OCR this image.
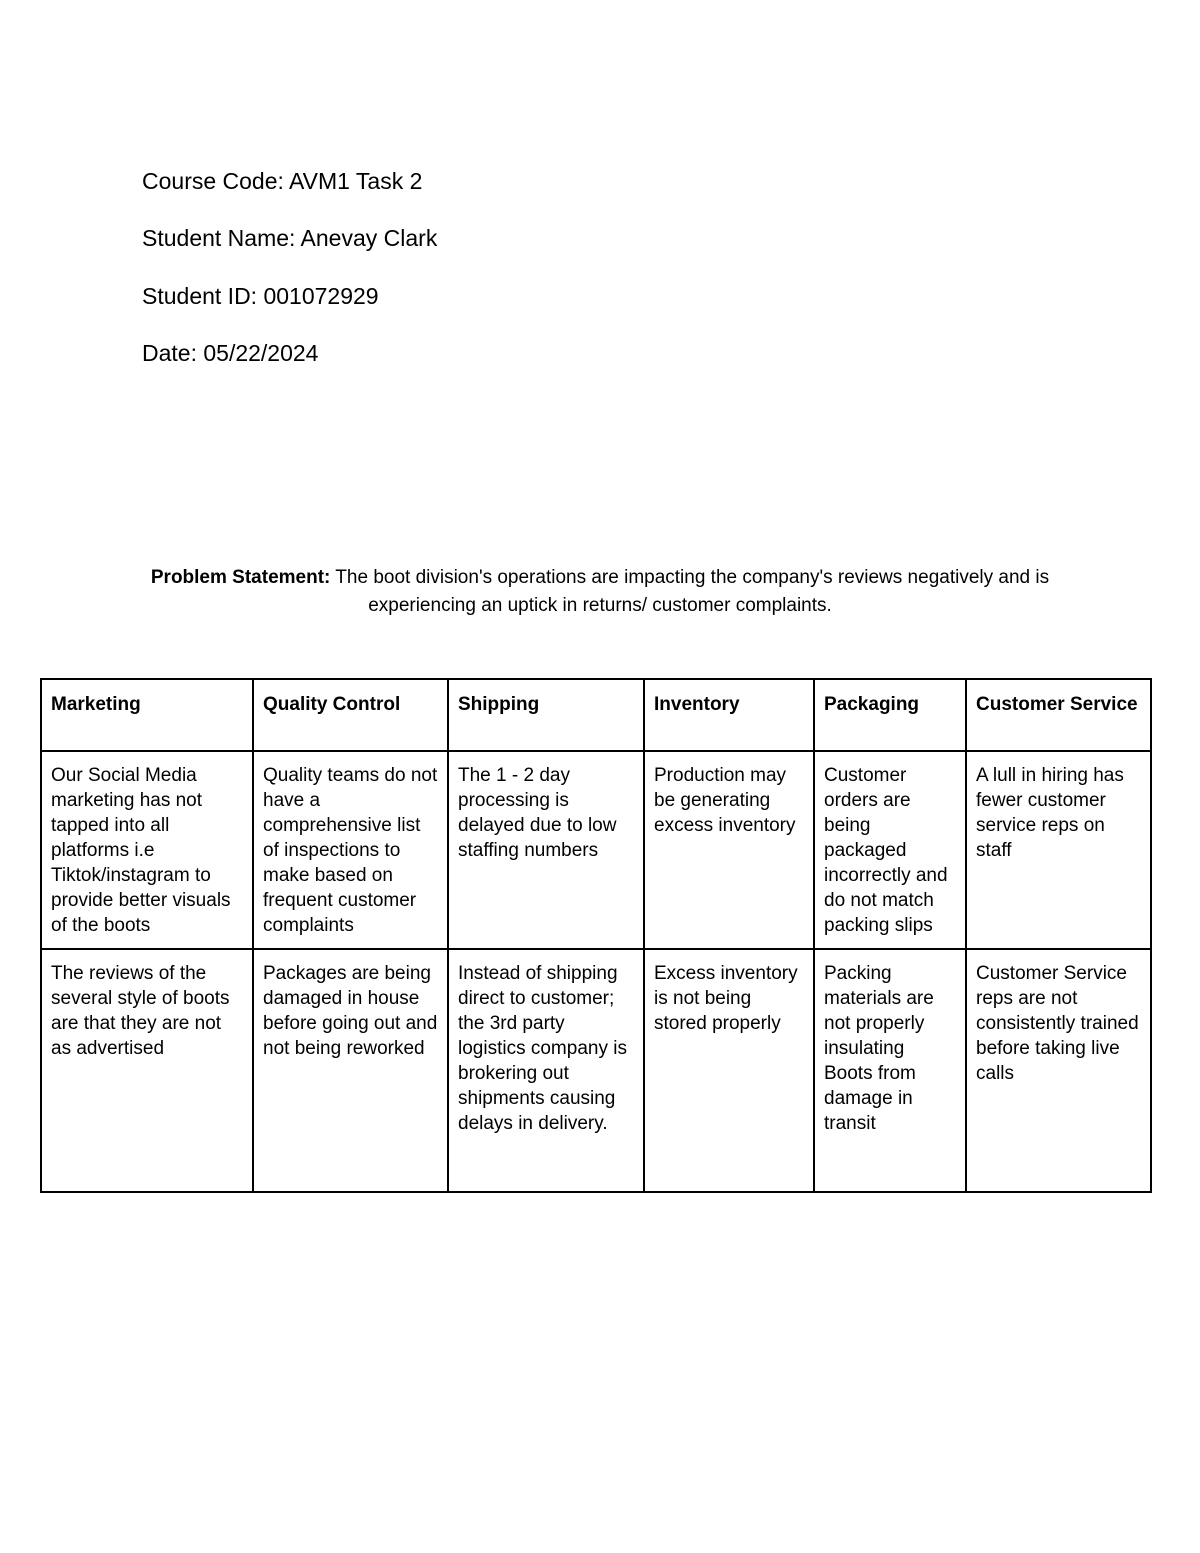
Course Code: AVM1 Task 2
Student Name: Anevay Clark
Student ID: 001072929
Date: 05/22/2024
Problem Statement: The boot division's operations are impacting the company's reviews negatively and is experiencing an uptick in returns/ customer complaints.
Marketing	Quality Control	Shipping	Inventory	Packaging	Customer Service
Our Social Media marketing has not tapped into all platforms i.e Tiktok/instagram to provide better visuals of the boots	Quality teams do not have a comprehensive list of inspections to make based on frequent customer complaints	The 1 - 2 day processing is delayed due to low staffing numbers	Production may be generating excess inventory	Customer orders are being packaged incorrectly and do not match packing slips	A lull in hiring has fewer customer service reps on staff
The reviews of the several style of boots are that they are not as advertised	Packages are being damaged in house before going out and not being reworked	Instead of shipping direct to customer; the 3rd party logistics company is brokering out shipments causing delays in delivery.	Excess inventory is not being stored properly	Packing materials are not properly insulating Boots from damage in transit	Customer Service reps are not consistently trained before taking live calls
